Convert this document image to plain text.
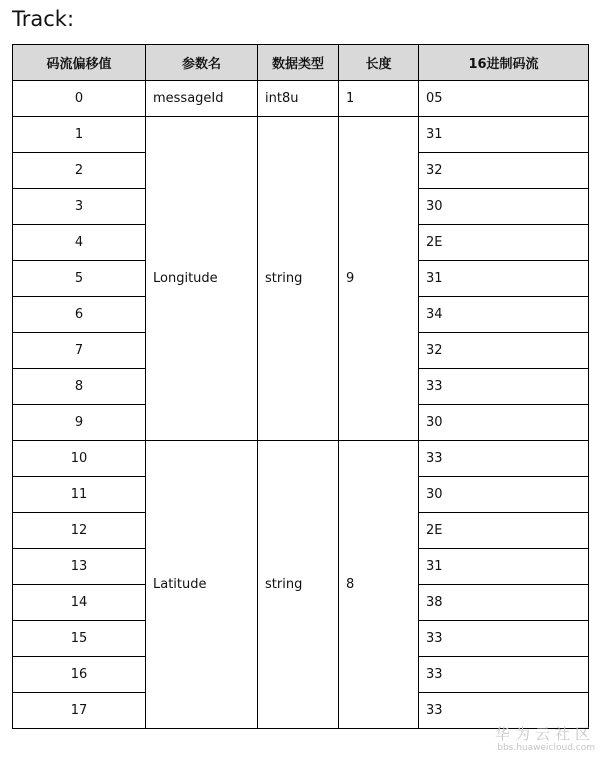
Track:
码流偏移值	参数名	数据类型	长度	16进制码流
0	messageId	int8u	1	05
1	Longitude	string	9	31
2				32
3				30
4				2E
5				31
6				34
7				32
8				33
9				30
10	Latitude	string	8	33
11				30
12				2E
13				31
14				38
15				33
16				33
17				33
华为云社区
bbs.huaweicloud.com
